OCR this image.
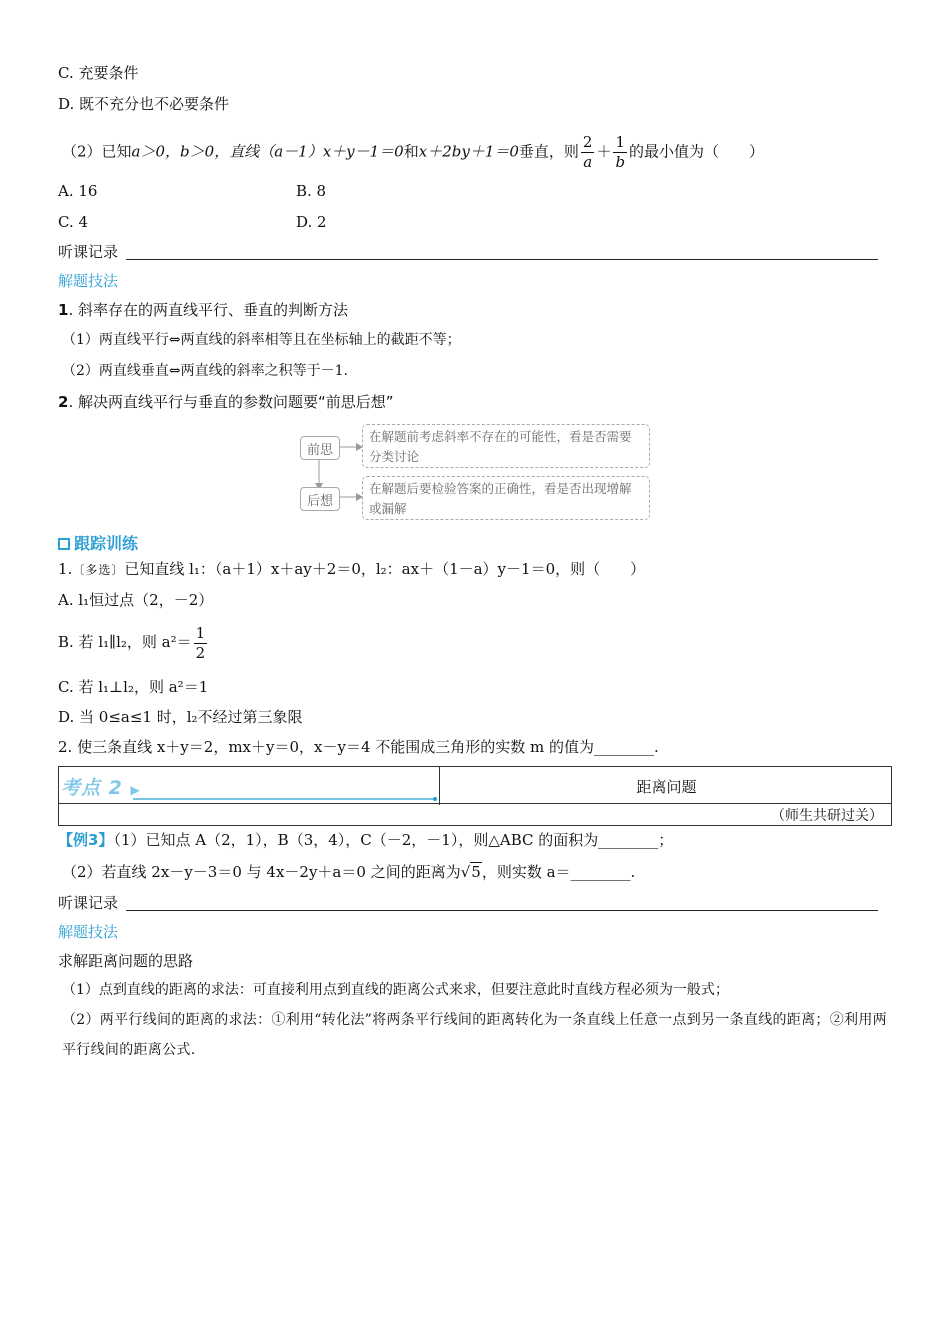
C. 充要条件
D. 既不充分也不必要条件
（2）已知a＞0，b＞0，直线（a－1）x＋y－1＝0和x＋2by＋1＝0垂直，则 $\frac{2}{a} + \frac{1}{b}$ 的最小值为（　　）
A. 16	B. 8
C. 4	D. 2
听课记录
解题技法
1. 斜率存在的两直线平行、垂直的判断方法
（1）两直线平行⇔两直线的斜率相等且在坐标轴上的截距不等；
（2）两直线垂直⇔两直线的斜率之积等于－1.
2. 解决两直线平行与垂直的参数问题要“前思后想”
前思
在解题前考虑斜率不存在的可能性，看是否需要分类讨论
后想
在解题后要检验答案的正确性，看是否出现增解或漏解
跟踪训练
1.〔多选〕已知直线 l₁：（a＋1）x＋ay＋2＝0，l₂：ax＋（1－a）y－1＝0，则（　　）
A. l₁恒过点（2，－2）
B. 若 l₁∥l₂，则 $a^2= \frac{1}{2}$
C. 若 l₁⊥l₂，则 a²＝1
D. 当 0≤a≤1 时，l₂不经过第三象限
2. 使三条直线 x＋y＝2，mx＋y＝0，x－y＝4 不能围成三角形的实数 m 的值为________.
考点 2 ▶	距离问题
（师生共研过关）
【例3】（1）已知点 A（2，1），B（3，4），C（－2，－1），则△ABC 的面积为________；
（2）若直线 2x－y－3＝0 与 4x－2y＋a＝0 之间的距离为√5，则实数 a＝________.
听课记录
解题技法
求解距离问题的思路
（1）点到直线的距离的求法：可直接利用点到直线的距离公式来求，但要注意此时直线方程必须为一般式；
（2）两平行线间的距离的求法：①利用“转化法”将两条平行线间的距离转化为一条直线上任意一点到另一条直线的距离；②利用两平行线间的距离公式.
